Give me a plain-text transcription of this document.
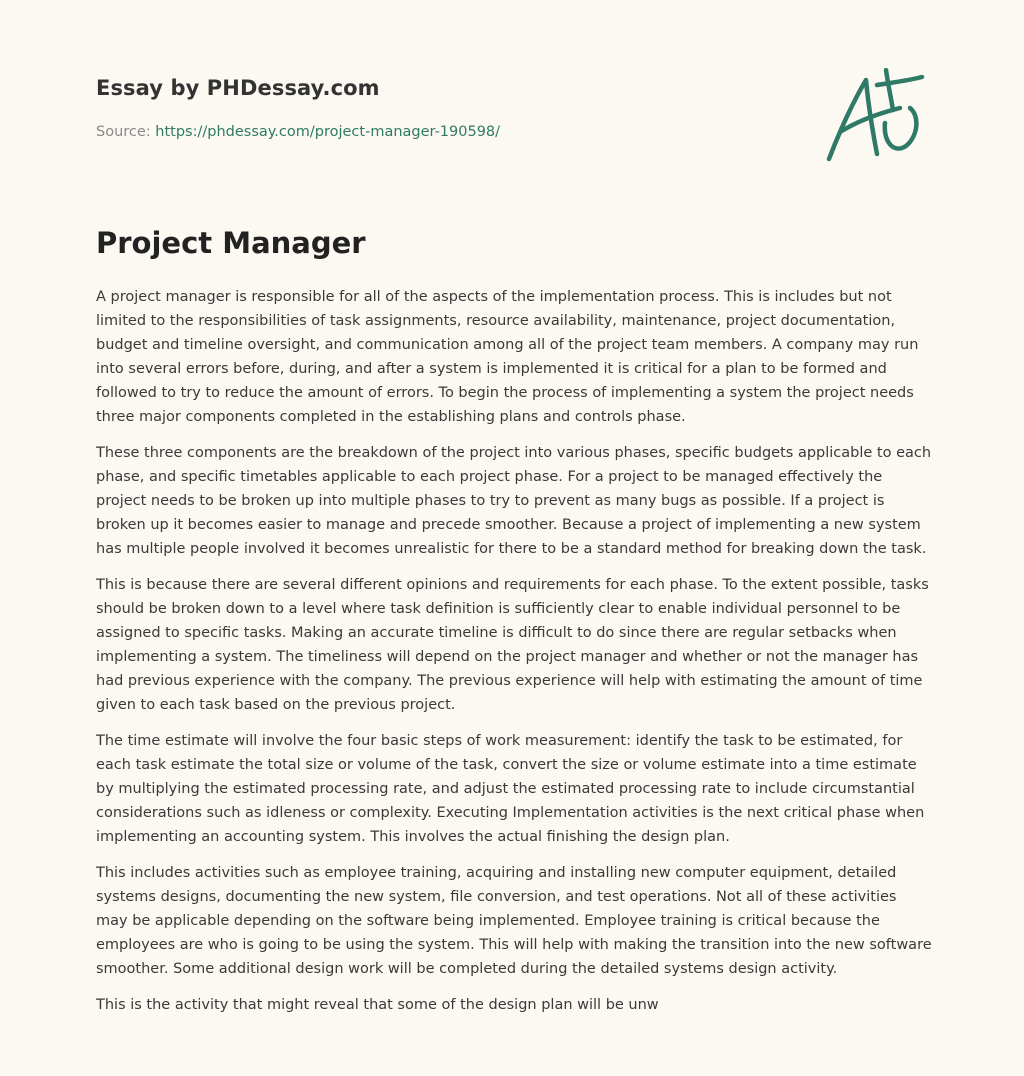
Essay by PHDessay.com
Source: https://phdessay.com/project-manager-190598/
Project Manager

A project manager is responsible for all of the aspects of the implementation process. This is includes but not limited to the responsibilities of task assignments, resource availability, maintenance, project documentation, budget and timeline oversight, and communication among all of the project team members. A company may run into several errors before, during, and after a system is implemented it is critical for a plan to be formed and followed to try to reduce the amount of errors. To begin the process of implementing a system the project needs three major components completed in the establishing plans and controls phase.

These three components are the breakdown of the project into various phases, specific budgets applicable to each phase, and specific timetables applicable to each project phase. For a project to be managed effectively the project needs to be broken up into multiple phases to try to prevent as many bugs as possible. If a project is broken up it becomes easier to manage and precede smoother. Because a project of implementing a new system has multiple people involved it becomes unrealistic for there to be a standard method for breaking down the task.

This is because there are several different opinions and requirements for each phase. To the extent possible, tasks should be broken down to a level where task definition is sufficiently clear to enable individual personnel to be assigned to specific tasks. Making an accurate timeline is difficult to do since there are regular setbacks when implementing a system. The timeliness will depend on the project manager and whether or not the manager has had previous experience with the company. The previous experience will help with estimating the amount of time given to each task based on the previous project.

The time estimate will involve the four basic steps of work measurement: identify the task to be estimated, for each task estimate the total size or volume of the task, convert the size or volume estimate into a time estimate by multiplying the estimated processing rate, and adjust the estimated processing rate to include circumstantial considerations such as idleness or complexity. Executing Implementation activities is the next critical phase when implementing an accounting system. This involves the actual finishing the design plan.

This includes activities such as employee training, acquiring and installing new computer equipment, detailed systems designs, documenting the new system, file conversion, and test operations. Not all of these activities may be applicable depending on the software being implemented. Employee training is critical because the employees are who is going to be using the system. This will help with making the transition into the new software smoother. Some additional design work will be completed during the detailed systems design activity.

This is the activity that might reveal that some of the design plan will be unw
